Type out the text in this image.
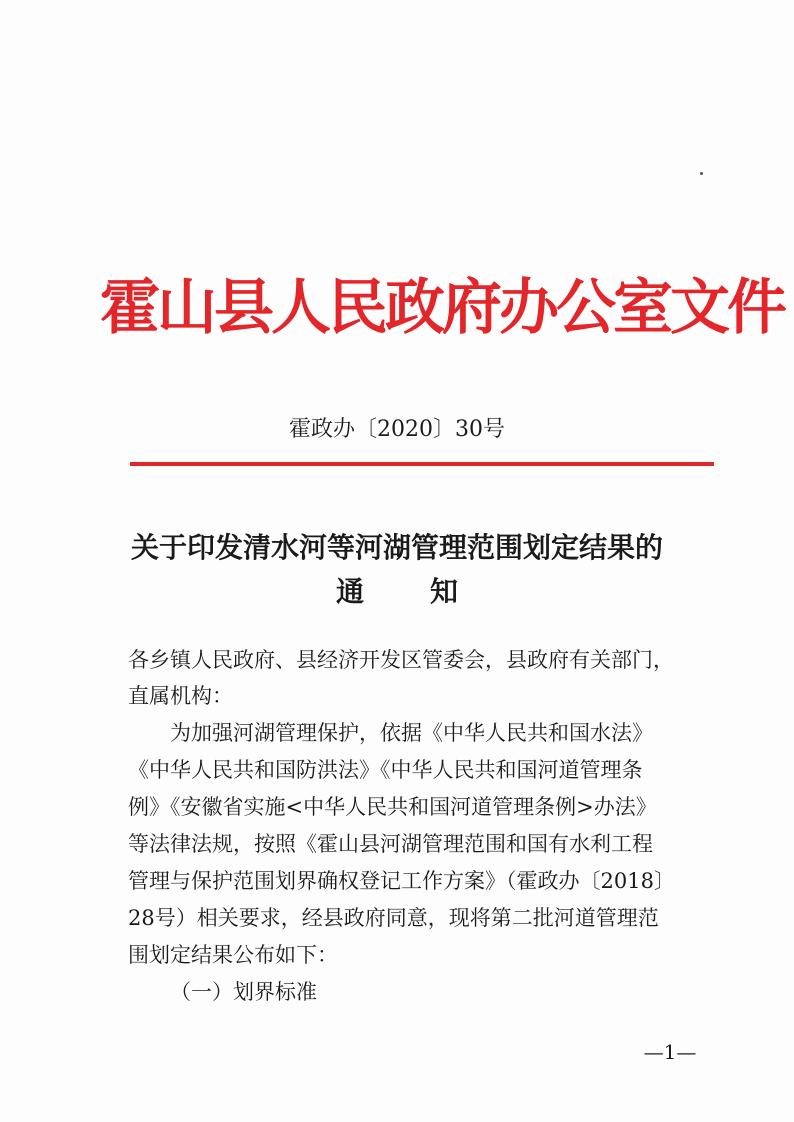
霍山县人民政府办公室文件
霍政办〔2020〕30号
关于印发清水河等河湖管理范围划定结果的
通 知
各乡镇人民政府、县经济开发区管委会，县政府有关部门，
直属机构：
为加强河湖管理保护，依据《中华人民共和国水法》
《中华人民共和国防洪法》《中华人民共和国河道管理条
例》《安徽省实施<中华人民共和国河道管理条例>办法》
等法律法规，按照《霍山县河湖管理范围和国有水利工程
管理与保护范围划界确权登记工作方案》（霍政办〔2018〕
28号）相关要求，经县政府同意，现将第二批河道管理范
围划定结果公布如下：
（一）划界标准
—1—
